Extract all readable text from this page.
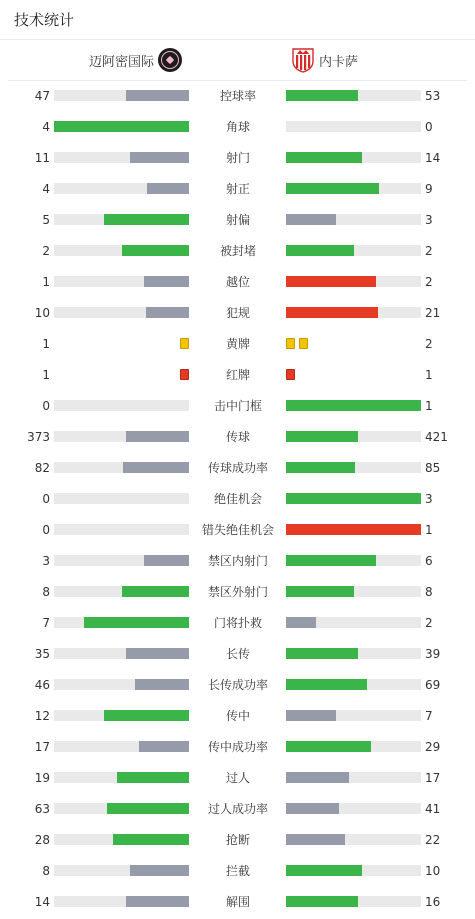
技术统计
迈阿密国际	内卡萨
47	控球率	53
4	角球	0
11	射门	14
4	射正	9
5	射偏	3
2	被封堵	2
1	越位	2
10	犯规	21
1	黄牌	2
1	红牌	1
0	击中门框	1
373	传球	421
82	传球成功率	85
0	绝佳机会	3
0	错失绝佳机会	1
3	禁区内射门	6
8	禁区外射门	8
7	门将扑救	2
35	长传	39
46	长传成功率	69
12	传中	7
17	传中成功率	29
19	过人	17
63	过人成功率	41
28	抢断	22
8	拦截	10
14	解围	16
